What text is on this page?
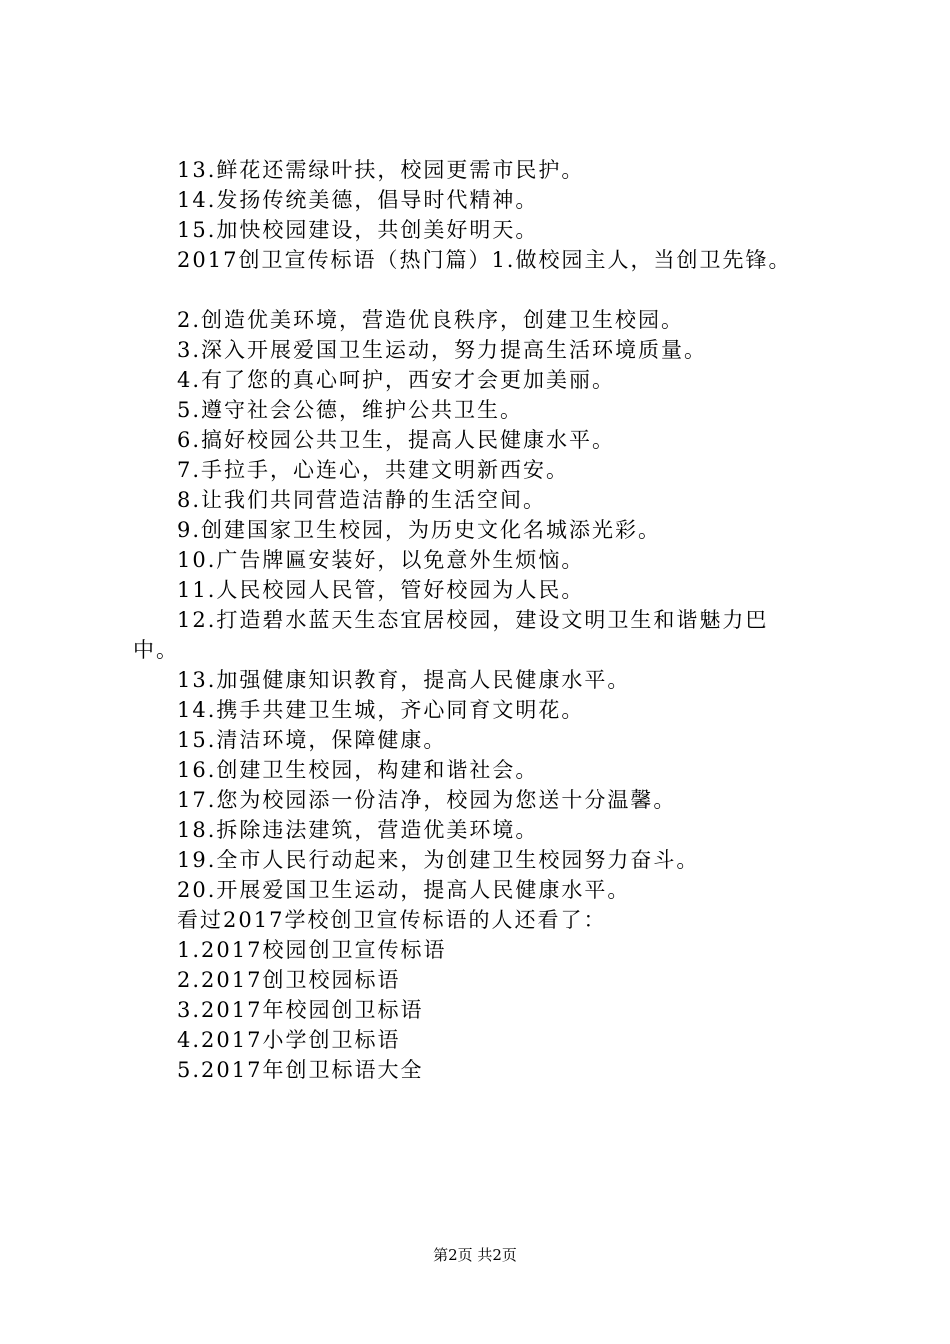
13.鲜花还需绿叶扶，校园更需市民护。
14.发扬传统美德，倡导时代精神。
15.加快校园建设，共创美好明天。
2017创卫宣传标语（热门篇）1.做校园主人，当创卫先锋。
2.创造优美环境，营造优良秩序，创建卫生校园。
3.深入开展爱国卫生运动，努力提高生活环境质量。
4.有了您的真心呵护，西安才会更加美丽。
5.遵守社会公德，维护公共卫生。
6.搞好校园公共卫生，提高人民健康水平。
7.手拉手，心连心，共建文明新西安。
8.让我们共同营造洁静的生活空间。
9.创建国家卫生校园，为历史文化名城添光彩。
10.广告牌匾安装好，以免意外生烦恼。
11.人民校园人民管，管好校园为人民。
12.打造碧水蓝天生态宜居校园，建设文明卫生和谐魅力巴
中。
13.加强健康知识教育，提高人民健康水平。
14.携手共建卫生城，齐心同育文明花。
15.清洁环境，保障健康。
16.创建卫生校园，构建和谐社会。
17.您为校园添一份洁净，校园为您送十分温馨。
18.拆除违法建筑，营造优美环境。
19.全市人民行动起来，为创建卫生校园努力奋斗。
20.开展爱国卫生运动，提高人民健康水平。
看过2017学校创卫宣传标语的人还看了：
1.2017校园创卫宣传标语
2.2017创卫校园标语
3.2017年校园创卫标语
4.2017小学创卫标语
5.2017年创卫标语大全
第2页 共2页
